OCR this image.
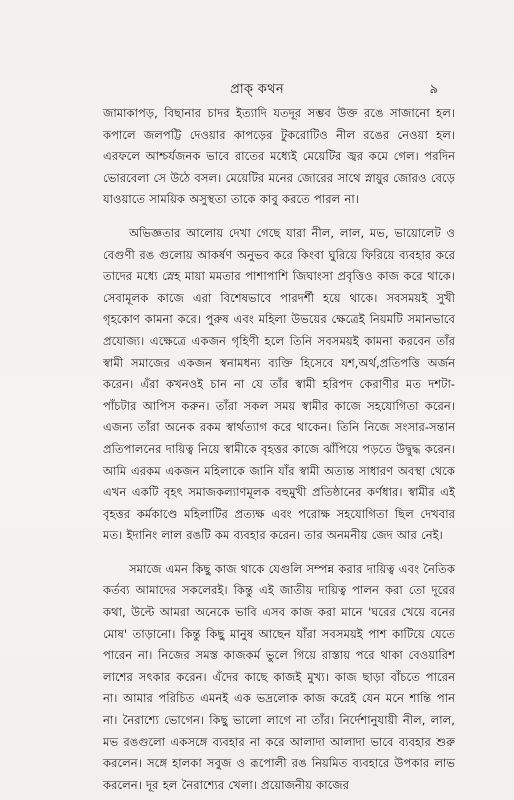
প্রাক্ কথন	৯

জামাকাপড়, বিছানার চাদর ইত্যাদি যতদূর সম্ভব উক্ত রঙে সাজানো হল। কপালে জলপট্টি দেওয়ার কাপড়ের টুকরোটিও নীল রঙের নেওয়া হল। এরফলে আশ্চর্যজনক ভাবে রাতের মধ্যেই মেয়েটির জ্বর কমে গেল। পরদিন ভোরবেলা সে উঠে বসল। মেয়েটির মনের জোরের সাথে স্নায়ুর জোরও বেড়ে যাওয়াতে সাময়িক অসুস্থতা তাকে কাবু করতে পারল না।

অভিজ্ঞতার আলোয় দেখা গেছে যারা নীল, লাল, মভ, ভায়োলেট ও বেগুণী রঙ গুলোয় আকর্ষণ অনুভব করে কিংবা ঘুরিয়ে ফিরিয়ে ব্যবহার করে তাদের মধ্যে স্নেহ মায়া মমতার পাশাপাশি জিঘাংসা প্রবৃত্তিও কাজ করে থাকে। সেবামূলক কাজে এরা বিশেষভাবে পারদর্শী হয়ে থাকে। সবসময়ই সুখী গৃহকোণ কামনা করে। পুরুষ এবং মহিলা উভয়ের ক্ষেত্রেই নিয়মটি সমানভাবে প্রযোজ্য। এক্ষেত্রে একজন গৃহিণী হলে তিনি সবসময়ই কামনা করবেন তাঁর স্বামী সমাজের একজন স্বনামধন্য ব্যক্তি হিসেবে যশ,অর্থ,প্রতিপত্তি অর্জন করেন। এঁরা কখনওই চান না যে তাঁর স্বামী হরিপদ কেরাণীর মত দশটা-পাঁচটার আপিস করুন। তাঁরা সকল সময় স্বামীর কাজে সহযোগিতা করেন। এজন্য তাঁরা অনেক রকম স্বার্থত্যাগ করে থাকেন। তিনি নিজে সংসার-সন্তান প্রতিপালনের দায়িত্ব নিয়ে স্বামীকে বৃহত্তর কাজে ঝাঁপিয়ে পড়তে উদ্বুদ্ধ করেন। আমি এরকম একজন মহিলাকে জানি যাঁর স্বামী অত্যন্ত সাধারণ অবস্থা থেকে এখন একটি বৃহৎ সমাজকল্যাণমূলক বহুমুখী প্রতিষ্ঠানের কর্ণধার। স্বামীর এই বৃহত্তর কর্মকাণ্ডে মহিলাটির প্রত্যক্ষ এবং পরোক্ষ সহযোগিতা ছিল দেখবার মত। ইদানিং লাল রঙটি কম ব্যবহার করেন। তার অনমনীয় জেদ আর নেই।

সমাজে এমন কিছু কাজ থাকে যেগুলি সম্পন্ন করার দায়িত্ব এবং নৈতিক কর্তব্য আমাদের সকলেরই। কিন্তু এই জাতীয় দায়িত্ব পালন করা তো দূরের কথা, উল্টে আমরা অনেকে ভাবি এসব কাজ করা মানে 'ঘরের খেয়ে বনের মোষ' তাড়ানো। কিন্তু কিছু মানুষ আছেন যাঁরা সবসময়ই পাশ কাটিয়ে যেতে পারেন না। নিজের সমস্ত কাজকর্ম ভুলে গিয়ে রাস্তায় পরে থাকা বেওয়ারিশ লাশের সৎকার করেন। এঁদের কাছে কাজই মুখ্য। কাজ ছাড়া বাঁচতে পারেন না। আমার পরিচিত এমনই এক ভদ্রলোক কাজ করেই যেন মনে শান্তি পান না। নৈরাশ্যে ভোগেন। কিছু ভালো লাগে না তাঁর। নির্দেশানুযায়ী নীল, লাল, মভ রঙগুলো একসঙ্গে ব্যবহার না করে আলাদা আলাদা ভাবে ব্যবহার শুরু করলেন। সঙ্গে হালকা সবুজ ও রূপোলী রঙ নিয়মিত ব্যবহারে উপকার লাভ করলেন। দূর হল নৈরাশ্যের খেলা। প্রয়োজনীয় কাজের
